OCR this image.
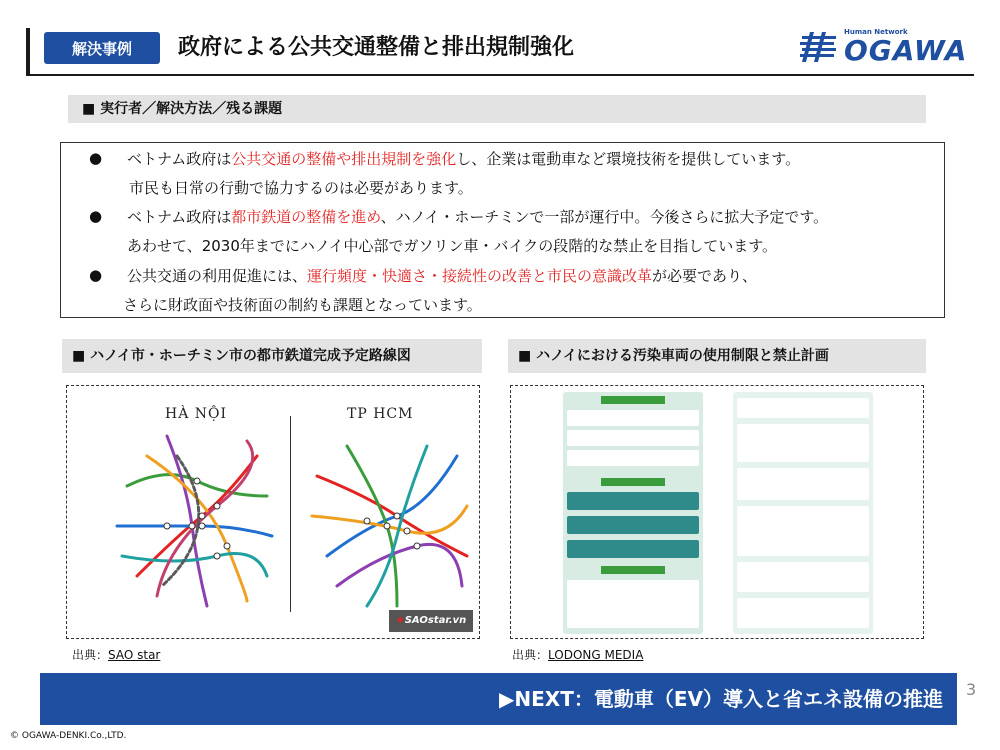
解決事例	政府による公共交通整備と排出規制強化
Human Network
OGAWA
■ 実行者／解決方法／残る課題
● ベトナム政府は公共交通の整備や排出規制を強化し、企業は電動車など環境技術を提供しています。
市民も日常の行動で協力するのは必要があります。
● ベトナム政府は都市鉄道の整備を進め、ハノイ・ホーチミンで一部が運行中。今後さらに拡大予定です。
あわせて、2030年までにハノイ中心部でガソリン車・バイクの段階的な禁止を目指しています。
● 公共交通の利用促進には、運行頻度・快適さ・接続性の改善と市民の意識改革が必要であり、
さらに財政面や技術面の制約も課題となっています。
■ ハノイ市・ホーチミン市の都市鉄道完成予定路線図
HÀ NỘI	TP HCM
★SAOstar.vn
出典：SAO star
■ ハノイにおける汚染車両の使用制限と禁止計画
出典：LODONG MEDIA
▶NEXT：電動車（EV）導入と省エネ設備の推進	3
© OGAWA-DENKI.Co.,LTD.
